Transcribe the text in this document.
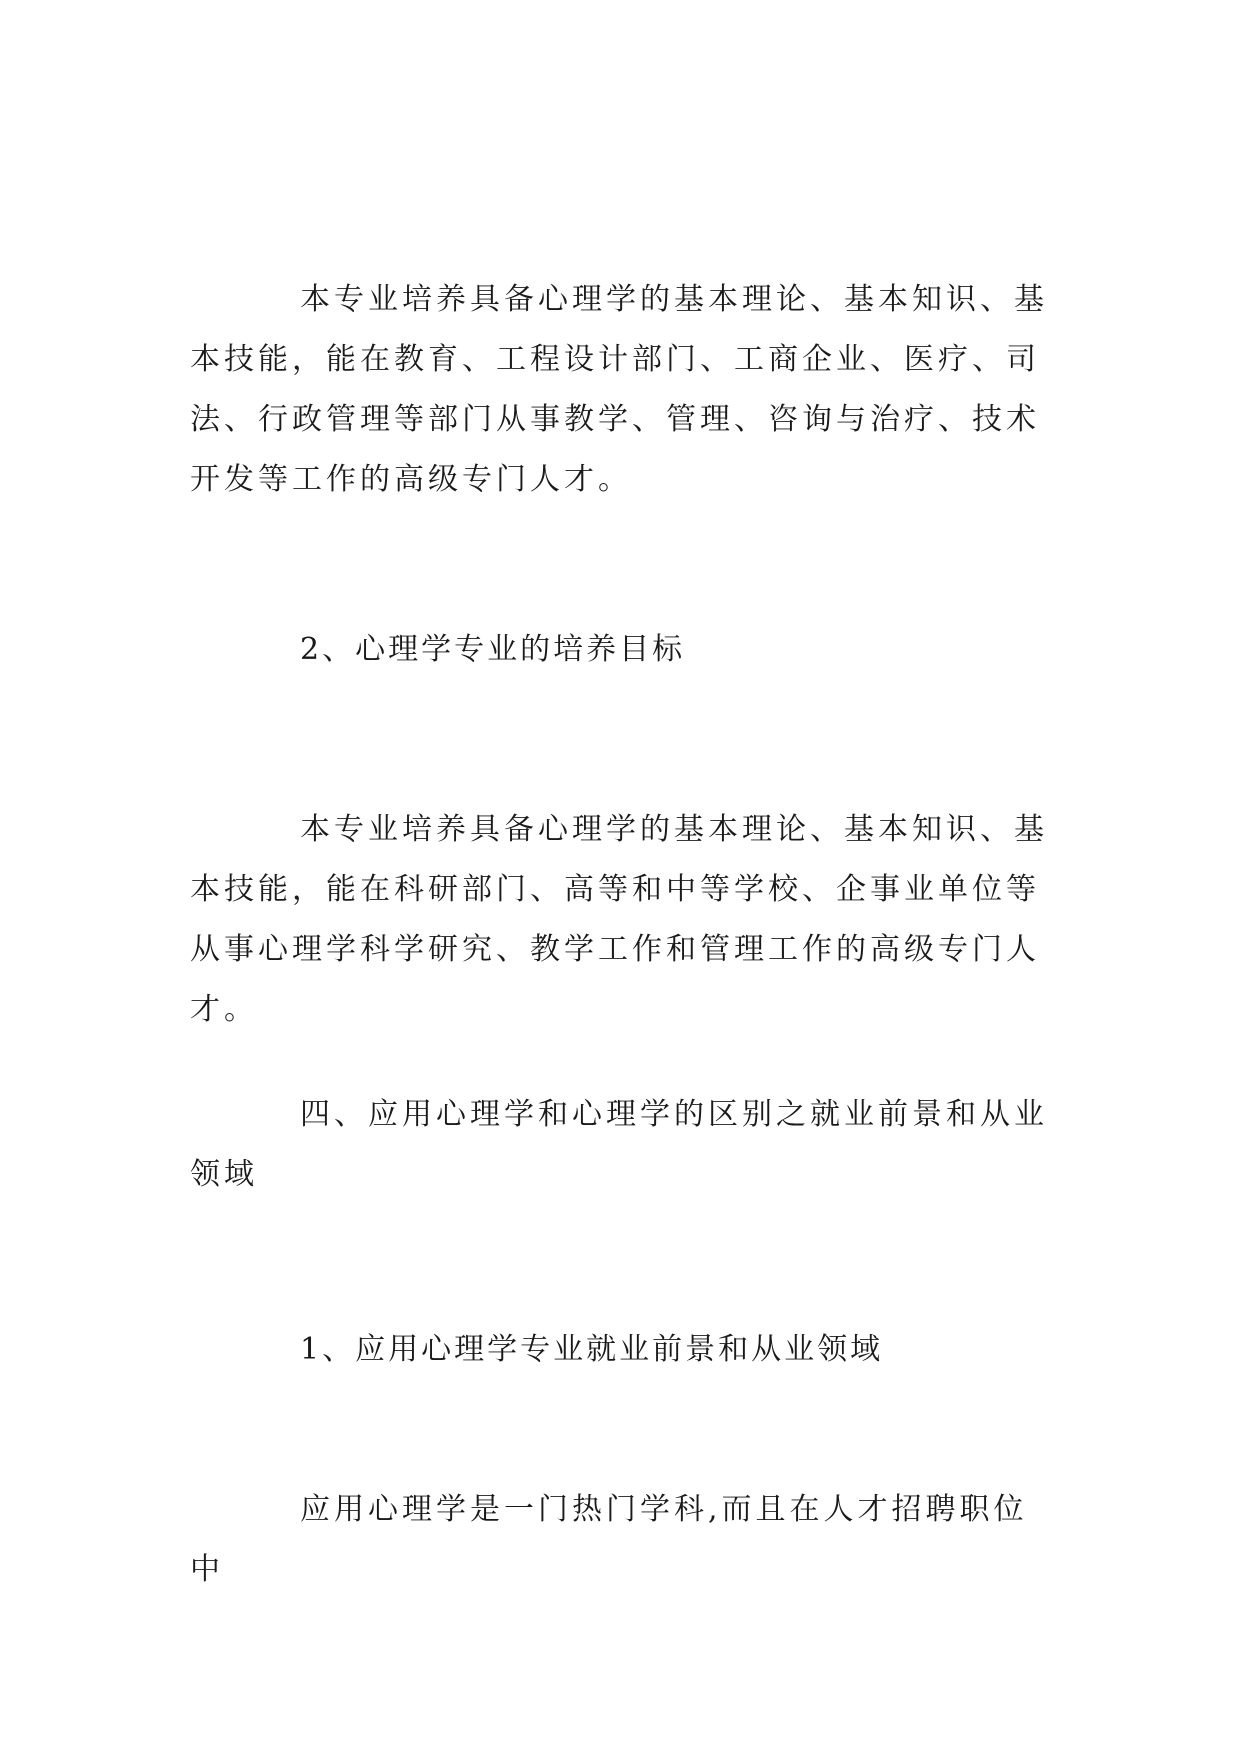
本专业培养具备心理学的基本理论、基本知识、基本技能，能在教育、工程设计部门、工商企业、医疗、司法、行政管理等部门从事教学、管理、咨询与治疗、技术开发等工作的高级专门人才。

2、心理学专业的培养目标

本专业培养具备心理学的基本理论、基本知识、基本技能，能在科研部门、高等和中等学校、企事业单位等从事心理学科学研究、教学工作和管理工作的高级专门人才。

四、应用心理学和心理学的区别之就业前景和从业领域

1、应用心理学专业就业前景和从业领域

应用心理学是一门热门学科,而且在人才招聘职位中
